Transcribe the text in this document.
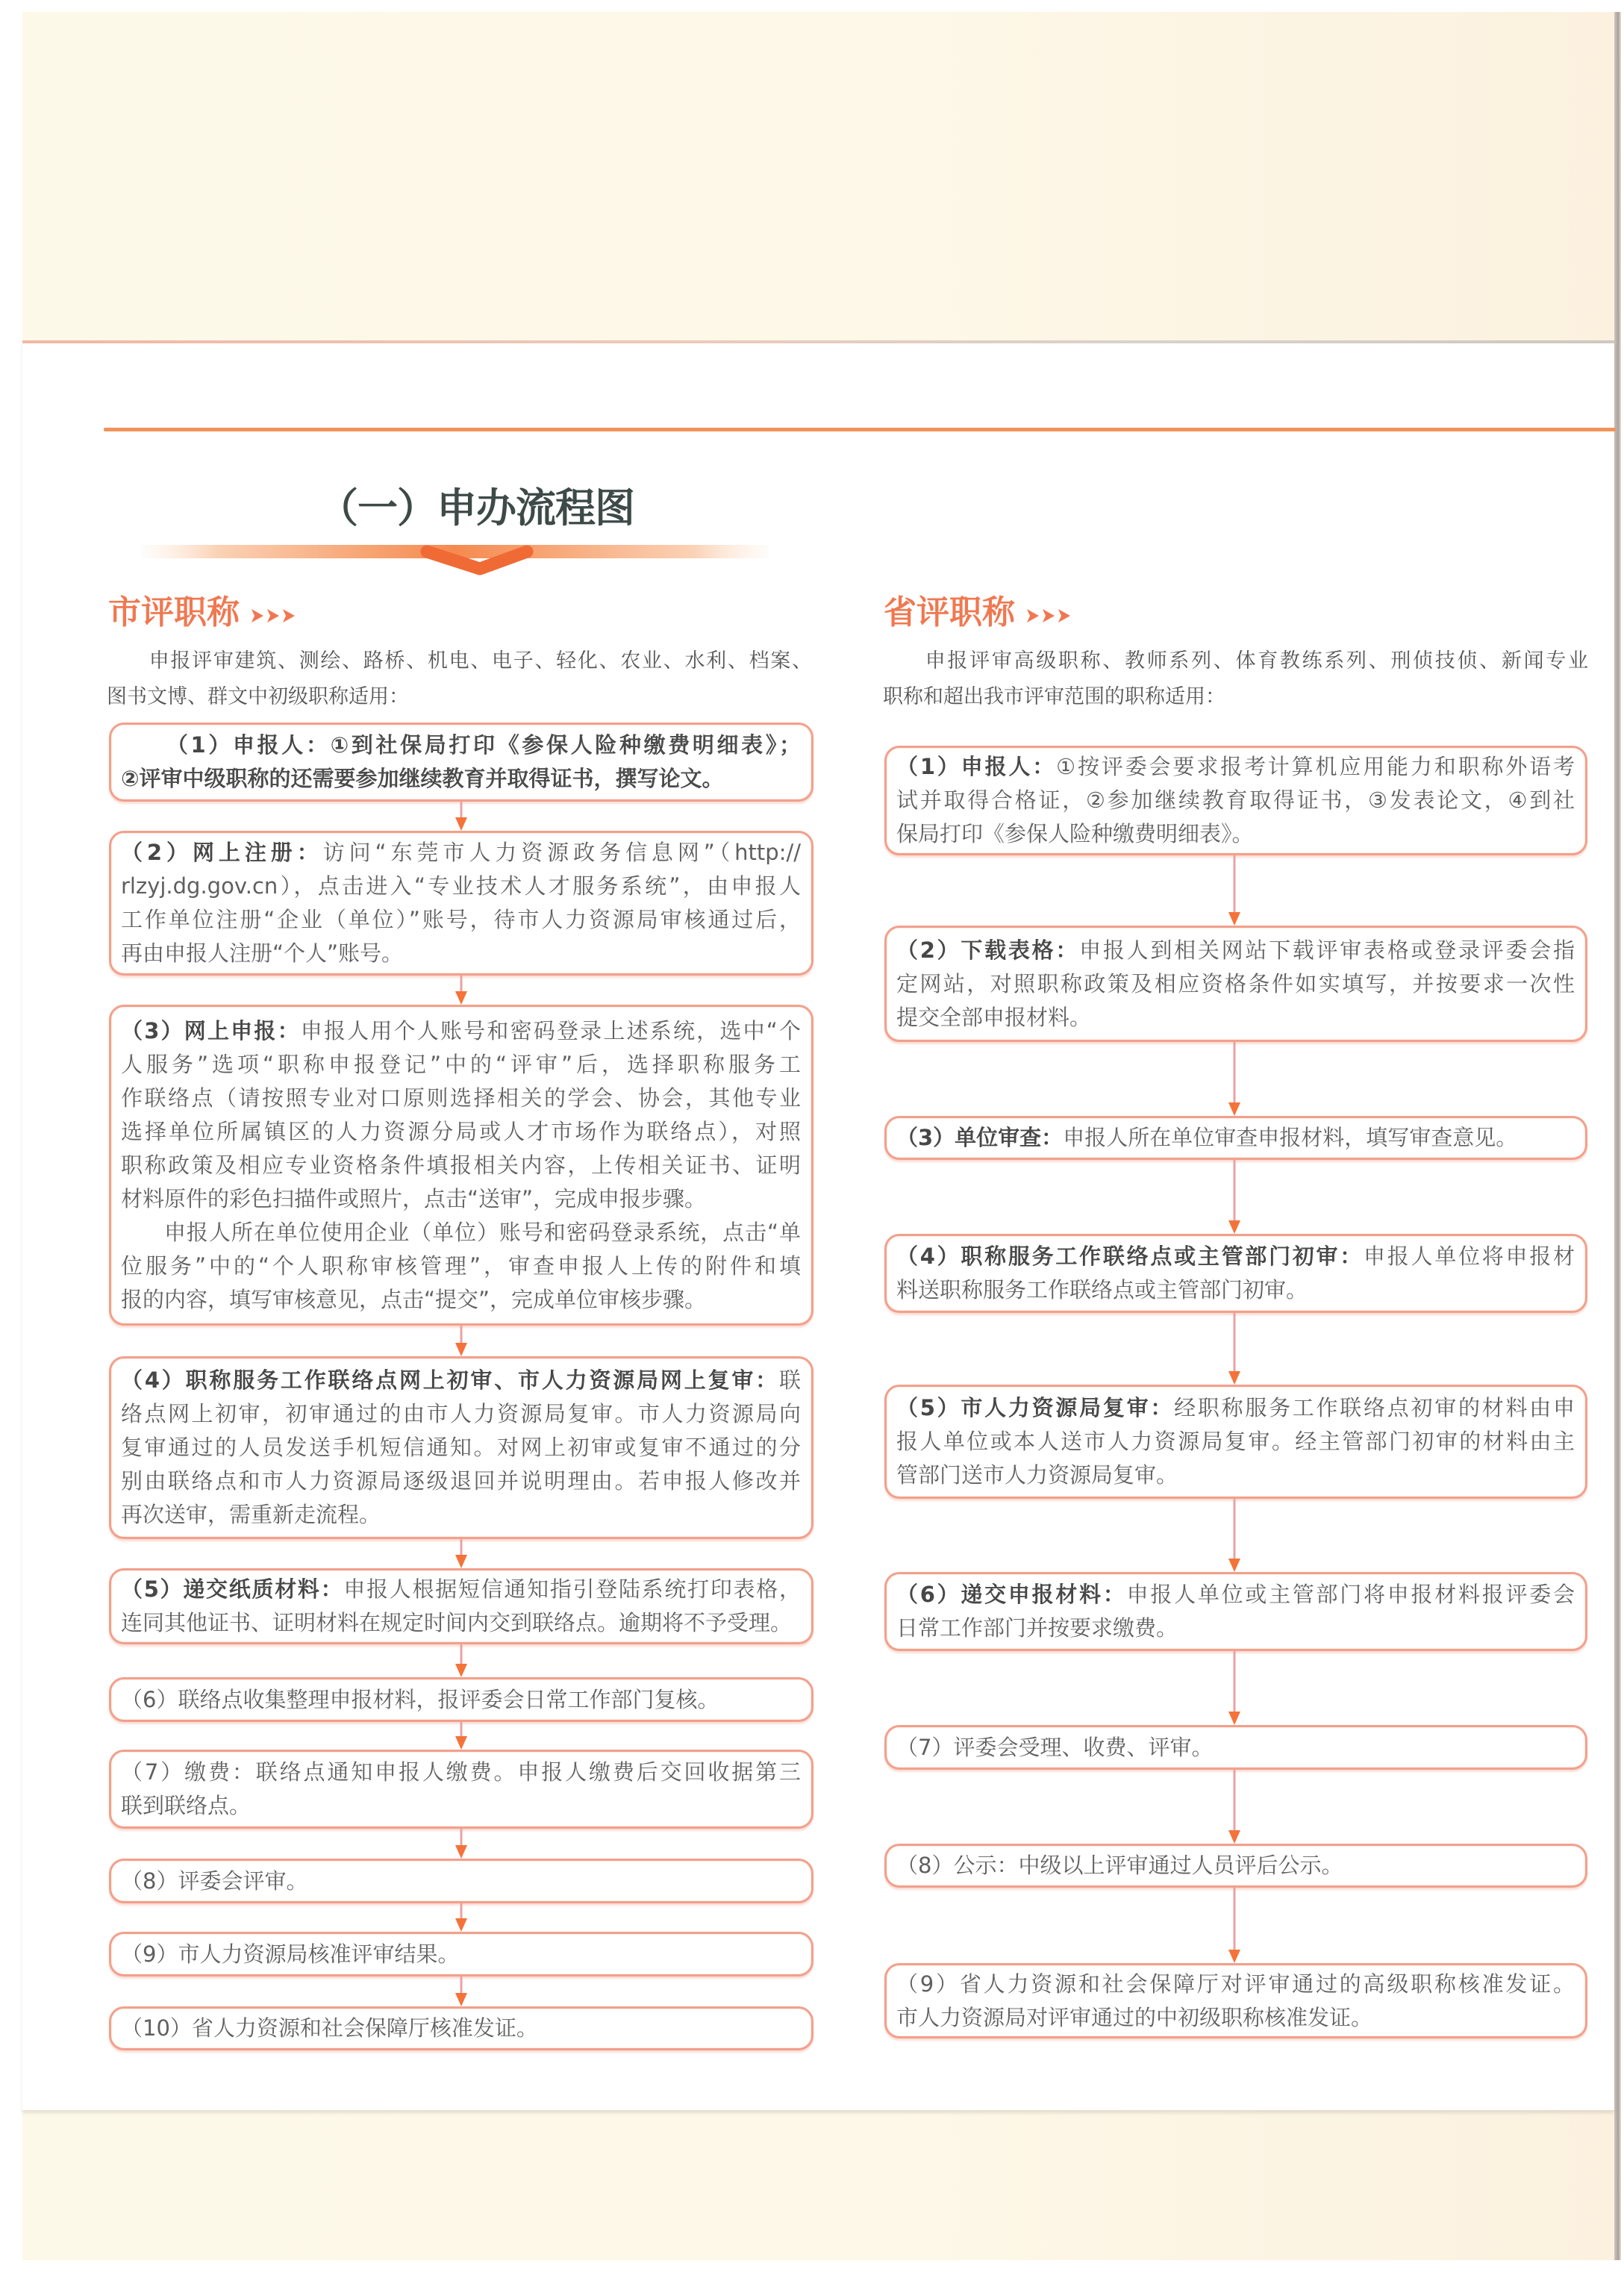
（一）申办流程图
市评职称
申报评审建筑、测绘、路桥、机电、电子、轻化、农业、水利、档案、
图书文博、群文中初级职称适用：
（1）申报人：①到社保局打印《参保人险种缴费明细表》；
②评审中级职称的还需要参加继续教育并取得证书，撰写论文。
（2）网上注册：访问“东莞市人力资源政务信息网”（http://
rlzyj.dg.gov.cn），点击进入“专业技术人才服务系统”，由申报人
工作单位注册“企业（单位）”账号，待市人力资源局审核通过后，
再由申报人注册“个人”账号。
（3）网上申报：申报人用个人账号和密码登录上述系统，选中“个
人服务”选项“职称申报登记”中的“评审”后，选择职称服务工
作联络点（请按照专业对口原则选择相关的学会、协会，其他专业
选择单位所属镇区的人力资源分局或人才市场作为联络点），对照
职称政策及相应专业资格条件填报相关内容，上传相关证书、证明
材料原件的彩色扫描件或照片，点击“送审”，完成申报步骤。
申报人所在单位使用企业（单位）账号和密码登录系统，点击“单
位服务”中的“个人职称审核管理”，审查申报人上传的附件和填
报的内容，填写审核意见，点击“提交”，完成单位审核步骤。
（4）职称服务工作联络点网上初审、市人力资源局网上复审：联
络点网上初审，初审通过的由市人力资源局复审。市人力资源局向
复审通过的人员发送手机短信通知。对网上初审或复审不通过的分
别由联络点和市人力资源局逐级退回并说明理由。若申报人修改并
再次送审，需重新走流程。
（5）递交纸质材料：申报人根据短信通知指引登陆系统打印表格，
连同其他证书、证明材料在规定时间内交到联络点。逾期将不予受理。
（6）联络点收集整理申报材料，报评委会日常工作部门复核。
（7）缴费：联络点通知申报人缴费。申报人缴费后交回收据第三
联到联络点。
（8）评委会评审。
（9）市人力资源局核准评审结果。
（10）省人力资源和社会保障厅核准发证。
省评职称
申报评审高级职称、教师系列、体育教练系列、刑侦技侦、新闻专业
职称和超出我市评审范围的职称适用：
（1）申报人：①按评委会要求报考计算机应用能力和职称外语考
试并取得合格证，②参加继续教育取得证书，③发表论文，④到社
保局打印《参保人险种缴费明细表》。
（2）下载表格：申报人到相关网站下载评审表格或登录评委会指
定网站，对照职称政策及相应资格条件如实填写，并按要求一次性
提交全部申报材料。
（3）单位审查：申报人所在单位审查申报材料，填写审查意见。
（4）职称服务工作联络点或主管部门初审：申报人单位将申报材
料送职称服务工作联络点或主管部门初审。
（5）市人力资源局复审：经职称服务工作联络点初审的材料由申
报人单位或本人送市人力资源局复审。经主管部门初审的材料由主
管部门送市人力资源局复审。
（6）递交申报材料：申报人单位或主管部门将申报材料报评委会
日常工作部门并按要求缴费。
（7）评委会受理、收费、评审。
（8）公示：中级以上评审通过人员评后公示。
（9）省人力资源和社会保障厅对评审通过的高级职称核准发证。
市人力资源局对评审通过的中初级职称核准发证。
